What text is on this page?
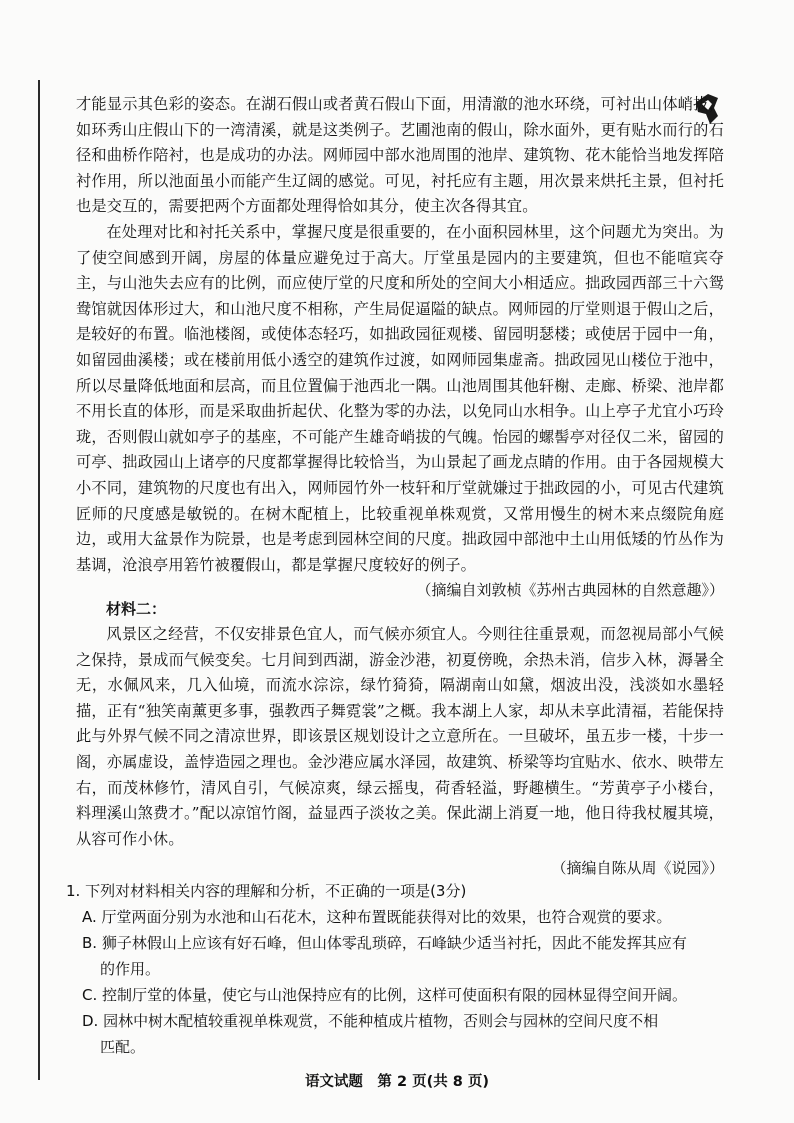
才能显示其色彩的姿态。在湖石假山或者黄石假山下面，用清澈的池水环绕，可衬出山体峭拔，如环秀山庄假山下的一湾清溪，就是这类例子。艺圃池南的假山，除水面外，更有贴水而行的石径和曲桥作陪衬，也是成功的办法。网师园中部水池周围的池岸、建筑物、花木能恰当地发挥陪衬作用，所以池面虽小而能产生辽阔的感觉。可见，衬托应有主题，用次景来烘托主景，但衬托也是交互的，需要把两个方面都处理得恰如其分，使主次各得其宜。

在处理对比和衬托关系中，掌握尺度是很重要的，在小面积园林里，这个问题尤为突出。为了使空间感到开阔，房屋的体量应避免过于高大。厅堂虽是园内的主要建筑，但也不能喧宾夺主，与山池失去应有的比例，而应使厅堂的尺度和所处的空间大小相适应。拙政园西部三十六鸳鸯馆就因体形过大，和山池尺度不相称，产生局促逼隘的缺点。网师园的厅堂则退于假山之后，是较好的布置。临池楼阁，或使体态轻巧，如拙政园征观楼、留园明瑟楼；或使居于园中一角，如留园曲溪楼；或在楼前用低小透空的建筑作过渡，如网师园集虚斋。拙政园见山楼位于池中，所以尽量降低地面和层高，而且位置偏于池西北一隅。山池周围其他轩榭、走廊、桥梁、池岸都不用长直的体形，而是采取曲折起伏、化整为零的办法，以免同山水相争。山上亭子尤宜小巧玲珑，否则假山就如亭子的基座，不可能产生雄奇峭拔的气魄。怡园的螺髻亭对径仅二米，留园的可亭、拙政园山上诸亭的尺度都掌握得比较恰当，为山景起了画龙点睛的作用。由于各园规模大小不同，建筑物的尺度也有出入，网师园竹外一枝轩和厅堂就嫌过于拙政园的小，可见古代建筑匠师的尺度感是敏锐的。在树木配植上，比较重视单株观赏，又常用慢生的树木来点缀院角庭边，或用大盆景作为院景，也是考虑到园林空间的尺度。拙政园中部池中土山用低矮的竹丛作为基调，沧浪亭用箬竹被覆假山，都是掌握尺度较好的例子。

（摘编自刘敦桢《苏州古典园林的自然意趣》）

材料二：

风景区之经营，不仅安排景色宜人，而气候亦须宜人。今则往往重景观，而忽视局部小气候之保持，景成而气候变矣。七月间到西湖，游金沙港，初夏傍晚，余热未消，信步入林，溽暑全无，水佩风来，几入仙境，而流水淙淙，绿竹猗猗，隔湖南山如黛，烟波出没，浅淡如水墨轻描，正有“独笑南薰更多事，强教西子舞霓裳”之概。我本湖上人家，却从未享此清福，若能保持此与外界气候不同之清凉世界，即该景区规划设计之立意所在。一旦破坏，虽五步一楼，十步一阁，亦属虚设，盖悖造园之理也。金沙港应属水泽园，故建筑、桥梁等均宜贴水、依水、映带左右，而茂林修竹，清风自引，气候凉爽，绿云摇曳，荷香轻溢，野趣横生。“芳黄亭子小楼台，料理溪山煞费才。”配以凉馆竹阁，益显西子淡妆之美。保此湖上消夏一地，他日待我杖履其境，从容可作小休。

（摘编自陈从周《说园》）

1. 下列对材料相关内容的理解和分析，不正确的一项是(3分)

A. 厅堂两面分别为水池和山石花木，这种布置既能获得对比的效果，也符合观赏的要求。

B. 狮子林假山上应该有好石峰，但山体零乱琐碎，石峰缺少适当衬托，因此不能发挥其应有
的作用。

C. 控制厅堂的体量，使它与山池保持应有的比例，这样可使面积有限的园林显得空间开阔。

D. 园林中树木配植较重视单株观赏，不能种植成片植物，否则会与园林的空间尺度不相
匹配。

语文试题　第 2 页(共 8 页)
